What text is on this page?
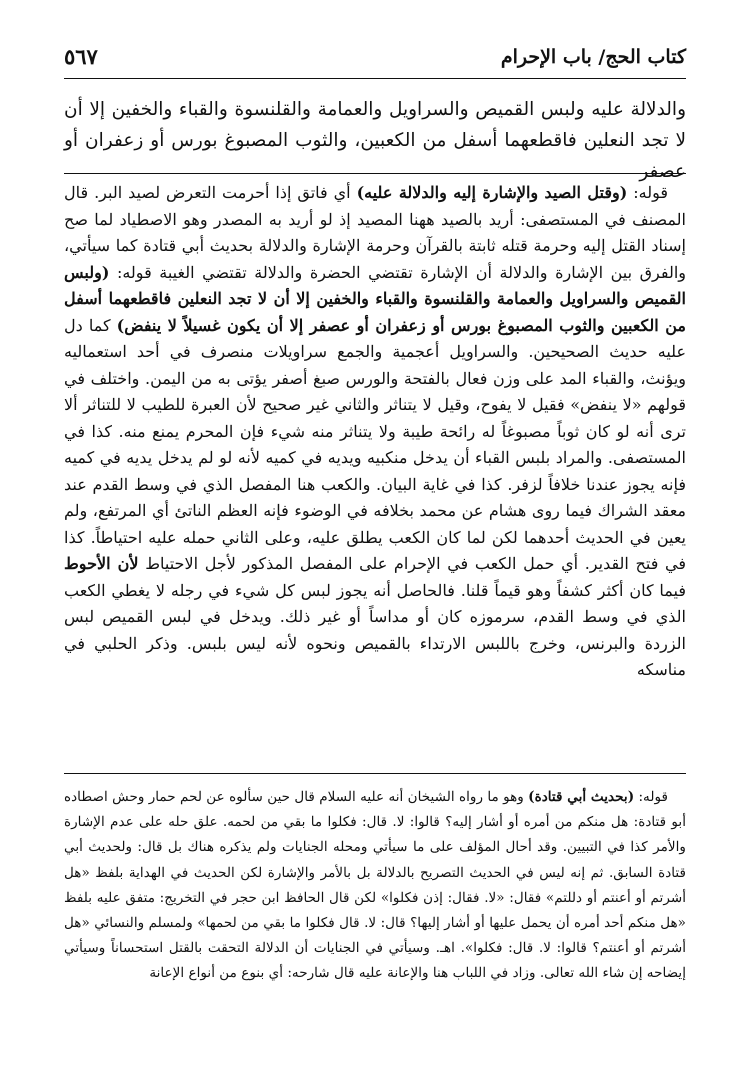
كتاب الحج/ باب الإحرام
٥٦٧

والدلالة عليه ولبس القميص والسراويل والعمامة والقلنسوة والقباء والخفين إلا أن لا تجد النعلين فاقطعهما أسفل من الكعبين، والثوب المصبوغ بورس أو زعفران أو عصفر

قوله: (وقتل الصيد والإشارة إليه والدلالة عليه) أي فاتق إذا أحرمت التعرض لصيد البر. قال المصنف في المستصفى: أريد بالصيد ههنا المصيد إذ لو أريد به المصدر وهو الاصطياد لما صح إسناد القتل إليه وحرمة قتله ثابتة بالقرآن وحرمة الإشارة والدلالة بحديث أبي قتادة كما سيأتي، والفرق بين الإشارة والدلالة أن الإشارة تقتضي الحضرة والدلالة تقتضي الغيبة قوله: (ولبس القميص والسراويل والعمامة والقلنسوة والقباء والخفين إلا أن لا تجد النعلين فاقطعهما أسفل من الكعبين والثوب المصبوغ بورس أو زعفران أو عصفر إلا أن يكون غسيلاً لا ينفض) كما دل عليه حديث الصحيحين. والسراويل أعجمية والجمع سراويلات منصرف في أحد استعماليه ويؤنث، والقباء المد على وزن فعال بالفتحة والورس صبغ أصفر يؤتى به من اليمن. واختلف في قولهم «لا ينفض» فقيل لا يفوح، وقيل لا يتناثر والثاني غير صحيح لأن العبرة للطيب لا للتناثر ألا ترى أنه لو كان ثوباً مصبوغاً له رائحة طيبة ولا يتناثر منه شيء فإن المحرم يمنع منه. كذا في المستصفى. والمراد بلبس القباء أن يدخل منكبيه ويديه في كميه لأنه لو لم يدخل يديه في كميه فإنه يجوز عندنا خلافاً لزفر. كذا في غاية البيان. والكعب هنا المفصل الذي في وسط القدم عند معقد الشراك فيما روى هشام عن محمد بخلافه في الوضوء فإنه العظم الناتئ أي المرتفع، ولم يعين في الحديث أحدهما لكن لما كان الكعب يطلق عليه، وعلى الثاني حمله عليه احتياطاً. كذا في فتح القدير. أي حمل الكعب في الإحرام على المفصل المذكور لأجل الاحتياط لأن الأحوط فيما كان أكثر كشفاً وهو قيماً قلنا. فالحاصل أنه يجوز لبس كل شيء في رجله لا يغطي الكعب الذي في وسط القدم، سرموزه كان أو مداساً أو غير ذلك. ويدخل في لبس القميص لبس الزردة والبرنس، وخرج باللبس الارتداء بالقميص ونحوه لأنه ليس بلبس. وذكر الحلبي في مناسكه

قوله: (بحديث أبي قتادة) وهو ما رواه الشيخان أنه عليه السلام قال حين سألوه عن لحم حمار وحش اصطاده أبو قتادة: هل منكم من أمره أو أشار إليه؟ قالوا: لا. قال: فكلوا ما بقي من لحمه. علق حله على عدم الإشارة والأمر كذا في التبيين. وقد أحال المؤلف على ما سيأتي ومحله الجنايات ولم يذكره هناك بل قال: ولحديث أبي قتادة السابق. ثم إنه ليس في الحديث التصريح بالدلالة بل بالأمر والإشارة لكن الحديث في الهداية بلفظ «هل أشرتم أو أعنتم أو دللتم» فقال: «لا. فقال: إذن فكلوا» لكن قال الحافظ ابن حجر في التخريج: متفق عليه بلفظ «هل منكم أحد أمره أن يحمل عليها أو أشار إليها؟ قال: لا. قال فكلوا ما بقي من لحمها» ولمسلم والنسائي «هل أشرتم أو أعنتم؟ قالوا: لا. قال: فكلوا». اهـ. وسيأتي في الجنايات أن الدلالة التحقت بالقتل استحساناً وسيأتي إيضاحه إن شاء الله تعالى. وزاد في اللباب هنا والإعانة عليه قال شارحه: أي بنوع من أنواع الإعانة
